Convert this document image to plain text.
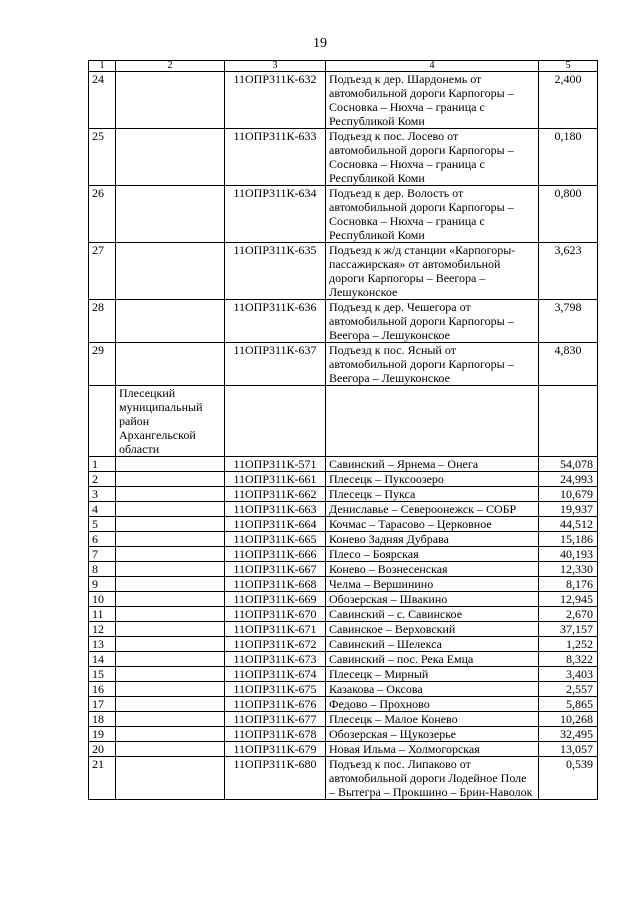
19
1	2	3	4	5
24		11ОПР311К-632	Подъезд к дер. Шардонемь от автомобильной дороги Карпогоры – Сосновка – Нюхча – граница с Республикой Коми	2,400
25		11ОПР311К-633	Подъезд к пос. Лосево от автомобильной дороги Карпогоры – Сосновка – Нюхча – граница с Республикой Коми	0,180
26		11ОПР311К-634	Подъезд к дер. Волость от автомобильной дороги Карпогоры – Сосновка – Нюхча – граница с Республикой Коми	0,800
27		11ОПР311К-635	Подъезд к ж/д станции «Карпогоры-пассажирская» от автомобильной дороги Карпогоры – Веегора – Лешуконское	3,623
28		11ОПР311К-636	Подъезд к дер. Чешегора от автомобильной дороги Карпогоры – Веегора – Лешуконское	3,798
29		11ОПР311К-637	Подъезд к пос. Ясный от автомобильной дороги Карпогоры – Веегора – Лешуконское	4,830
	Плесецкий муниципальный район Архангельской области			
1		11ОПР311К-571	Савинский – Ярнема – Онега	54,078
2		11ОПР311К-661	Плесецк – Пуксоозеро	24,993
3		11ОПР311К-662	Плесецк – Пукса	10,679
4		11ОПР311К-663	Дениславье – Североонежск – СОБР	19,937
5		11ОПР311К-664	Кочмас – Тарасово – Церковное	44,512
6		11ОПР311К-665	Конево Задняя Дубрава	15,186
7		11ОПР311К-666	Плесо – Боярская	40,193
8		11ОПР311К-667	Конево – Вознесенская	12,330
9		11ОПР311К-668	Челма – Вершинино	8,176
10		11ОПР311К-669	Обозерская – Швакино	12,945
11		11ОПР311К-670	Савинский – с. Савинское	2,670
12		11ОПР311К-671	Савинское – Верховский	37,157
13		11ОПР311К-672	Савинский – Шелекса	1,252
14		11ОПР311К-673	Савинский – пос. Река Емца	8,322
15		11ОПР311К-674	Плесецк – Мирный	3,403
16		11ОПР311К-675	Казакова – Оксова	2,557
17		11ОПР311К-676	Федово – Прохново	5,865
18		11ОПР311К-677	Плесецк – Малое Конево	10,268
19		11ОПР311К-678	Обозерская – Щукозерье	32,495
20		11ОПР311К-679	Новая Ильма – Холмогорская	13,057
21		11ОПР311К-680	Подъезд к пос. Липаково от автомобильной дороги Лодейное Поле – Вытегра – Прокшино – Брин-Наволок	0,539
